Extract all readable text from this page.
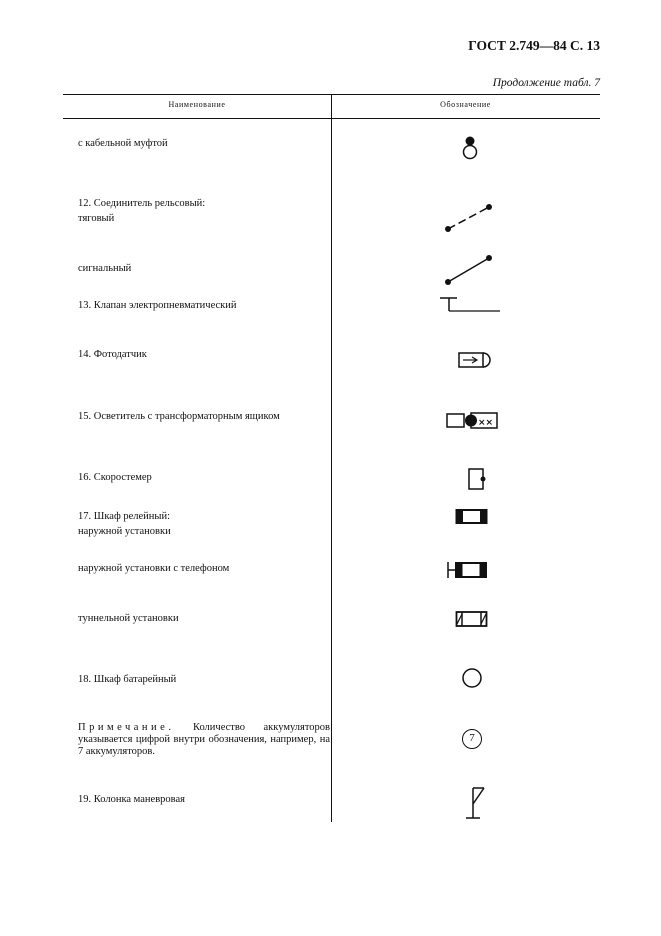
ГОСТ 2.749—84 С. 13
Продолжение табл. 7
Наименование	Обозначение
с кабельной муфтой
12. Соединитель рельсовый:
тяговый
сигнальный
13. Клапан электропневматический
14. Фотодатчик
15. Осветитель с трансформаторным ящиком
16. Скоростемер
17. Шкаф релейный:
наружной установки
наружной установки с телефоном
туннельной установки
18. Шкаф батарейный
Примечание. Количество аккумуляторов указывается цифрой внутри обозначения, например, на 7 аккумуляторов.
19. Колонка маневровая
××
7
